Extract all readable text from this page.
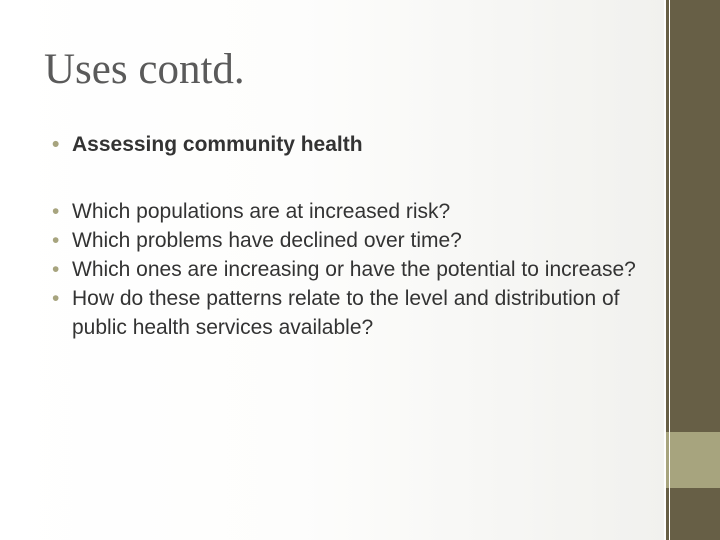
Uses contd.
• Assessing community health
• Which populations are at increased risk?
• Which problems have declined over time?
• Which ones are increasing or have the potential to increase?
• How do these patterns relate to the level and distribution of public health services available?
